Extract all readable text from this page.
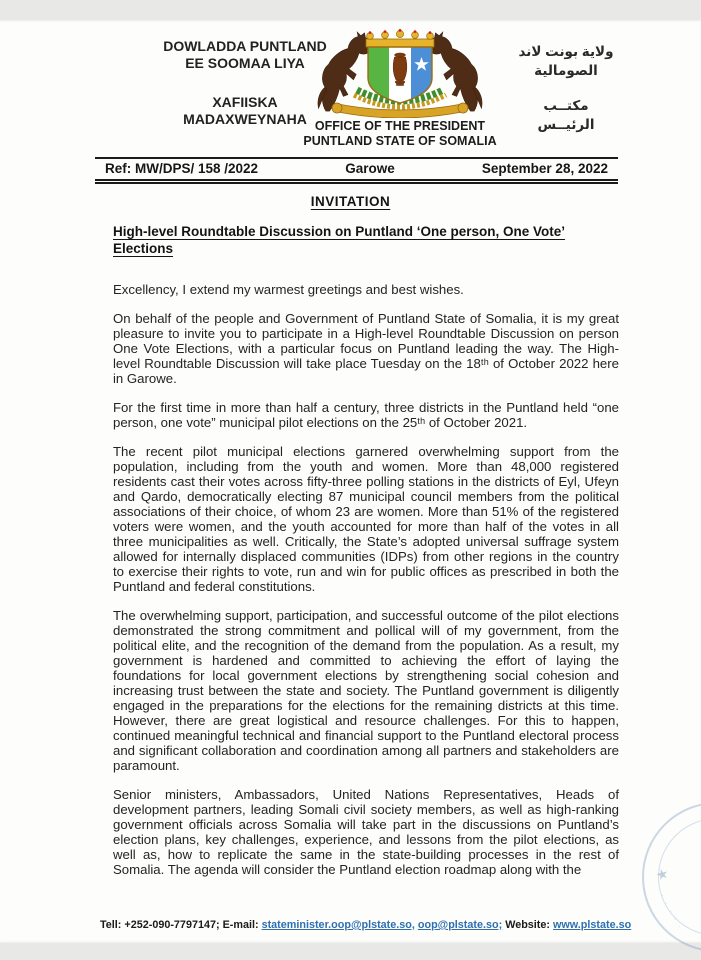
DOWLADDA PUNTLAND
EE SOOMAA LIYA
XAFIISKA
MADAXWEYNAHA OFFICE OF THE PRESIDENT
PUNTLAND STATE OF SOMALIA
ولاية بونت لاند
الصومالية
مكتــب
الرئيــس
Ref: MW/DPS/ 158 /2022	Garowe	September 28, 2022
INVITATION
High-level Roundtable Discussion on Puntland ‘One person, One Vote’ Elections

Excellency, I extend my warmest greetings and best wishes.

On behalf of the people and Government of Puntland State of Somalia, it is my great pleasure to invite you to participate in a High-level Roundtable Discussion on person One Vote Elections, with a particular focus on Puntland leading the way. The High-level Roundtable Discussion will take place Tuesday on the 18ᵗʰ of October 2022 here in Garowe.

For the first time in more than half a century, three districts in the Puntland held “one person, one vote” municipal pilot elections on the 25ᵗʰ of October 2021.

The recent pilot municipal elections garnered overwhelming support from the population, including from the youth and women. More than 48,000 registered residents cast their votes across fifty-three polling stations in the districts of Eyl, Ufeyn and Qardo, democratically electing 87 municipal council members from the political associations of their choice, of whom 23 are women. More than 51% of the registered voters were women, and the youth accounted for more than half of the votes in all three municipalities as well. Critically, the State’s adopted universal suffrage system allowed for internally displaced communities (IDPs) from other regions in the country to exercise their rights to vote, run and win for public offices as prescribed in both the Puntland and federal constitutions.

The overwhelming support, participation, and successful outcome of the pilot elections demonstrated the strong commitment and pollical will of my government, from the political elite, and the recognition of the demand from the population. As a result, my government is hardened and committed to achieving the effort of laying the foundations for local government elections by strengthening social cohesion and increasing trust between the state and society. The Puntland government is diligently engaged in the preparations for the elections for the remaining districts at this time. However, there are great logistical and resource challenges. For this to happen, continued meaningful technical and financial support to the Puntland electoral process and significant collaboration and coordination among all partners and stakeholders are paramount.

Senior ministers, Ambassadors, United Nations Representatives, Heads of development partners, leading Somali civil society members, as well as high-ranking government officials across Somalia will take part in the discussions on Puntland’s election plans, key challenges, experience, and lessons from the pilot elections, as well as, how to replicate the same in the state-building processes in the rest of Somalia. The agenda will consider the Puntland election roadmap along with the

Tell: +252-090-7797147; E-mail: stateminister.oop@plstate.so, oop@plstate.so; Website: www.plstate.so
★
· · · · ·
